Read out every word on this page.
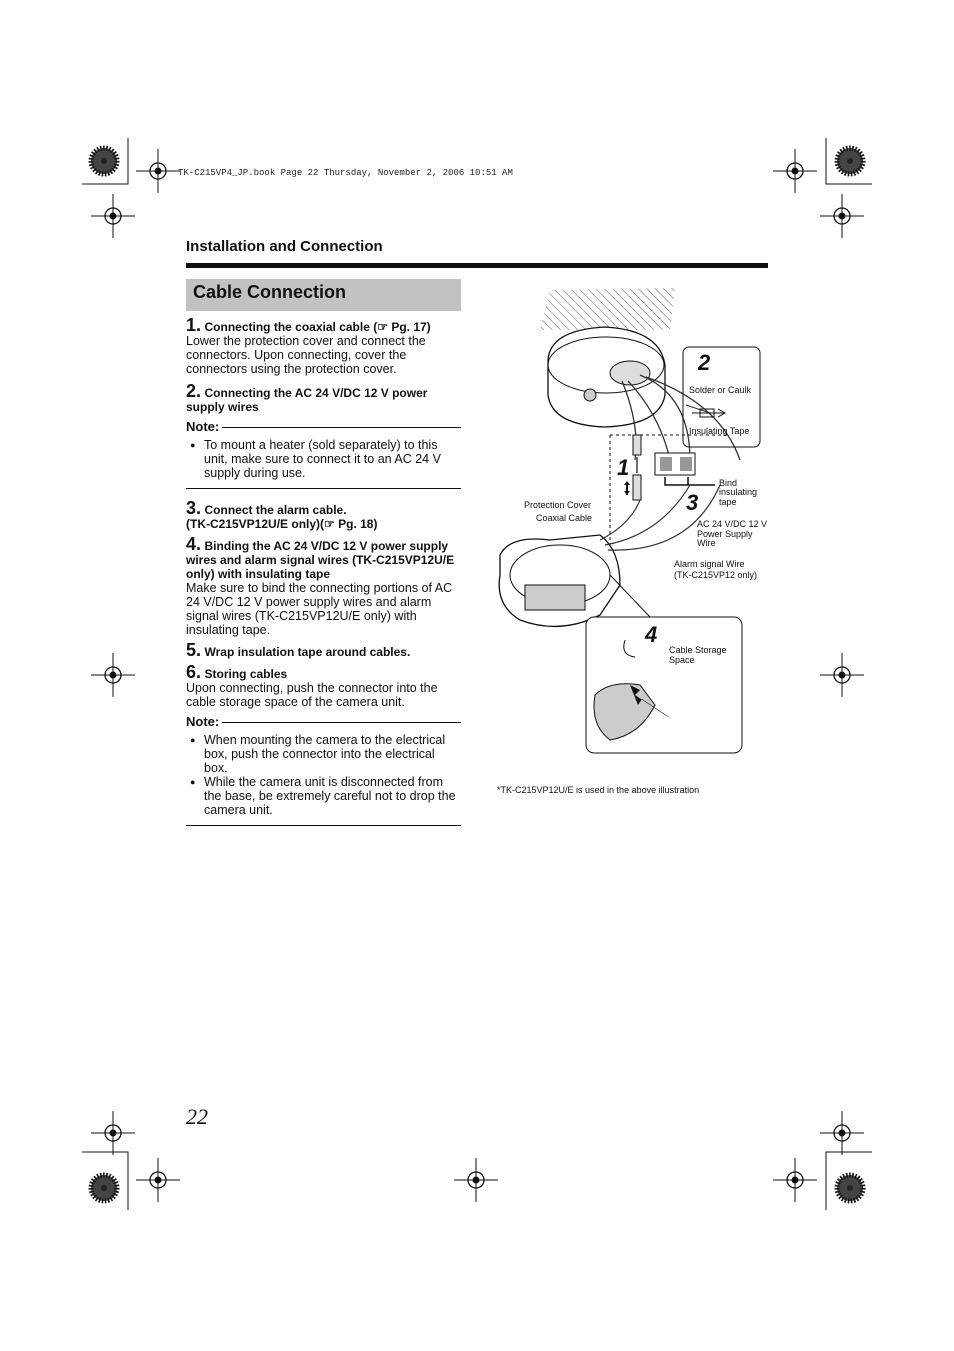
TK-C215VP4_JP.book Page 22 Thursday, November 2, 2006 10:51 AM
Installation and Connection
Cable Connection
1. Connecting the coaxial cable (☞ Pg. 17)

Lower the protection cover and connect the connectors. Upon connecting, cover the connectors using the protection cover.

2. Connecting the AC 24 V/DC 12 V power supply wires
Note:
● To mount a heater (sold separately) to this unit, make sure to connect it to an AC 24 V supply during use.
3. Connect the alarm cable.
(TK-C215VP12U/E only)(☞ Pg. 18)
4. Binding the AC 24 V/DC 12 V power supply wires and alarm signal wires (TK-C215VP12U/E only) with insulating tape

Make sure to bind the connecting portions of AC 24 V/DC 12 V power supply wires and alarm signal wires (TK-C215VP12U/E only) with insulating tape.

5. Wrap insulation tape around cables.
6. Storing cables

Upon connecting, push the connector into the cable storage space of the camera unit.

Note:
● When mounting the camera to the electrical box, push the connector into the electrical box.
● While the camera unit is disconnected from the base, be extremely careful not to drop the camera unit.
2
Solder or Caulk
Insulating Tape
1
Bind
insulating
tape
3
Protection Cover
Coaxial Cable
AC 24 V/DC 12 V
Power Supply
Wire
Alarm signal Wire
(TK-C215VP12 only)
4
Cable Storage
Space
*TK-C215VP12U/E is used in the above illustration
22
